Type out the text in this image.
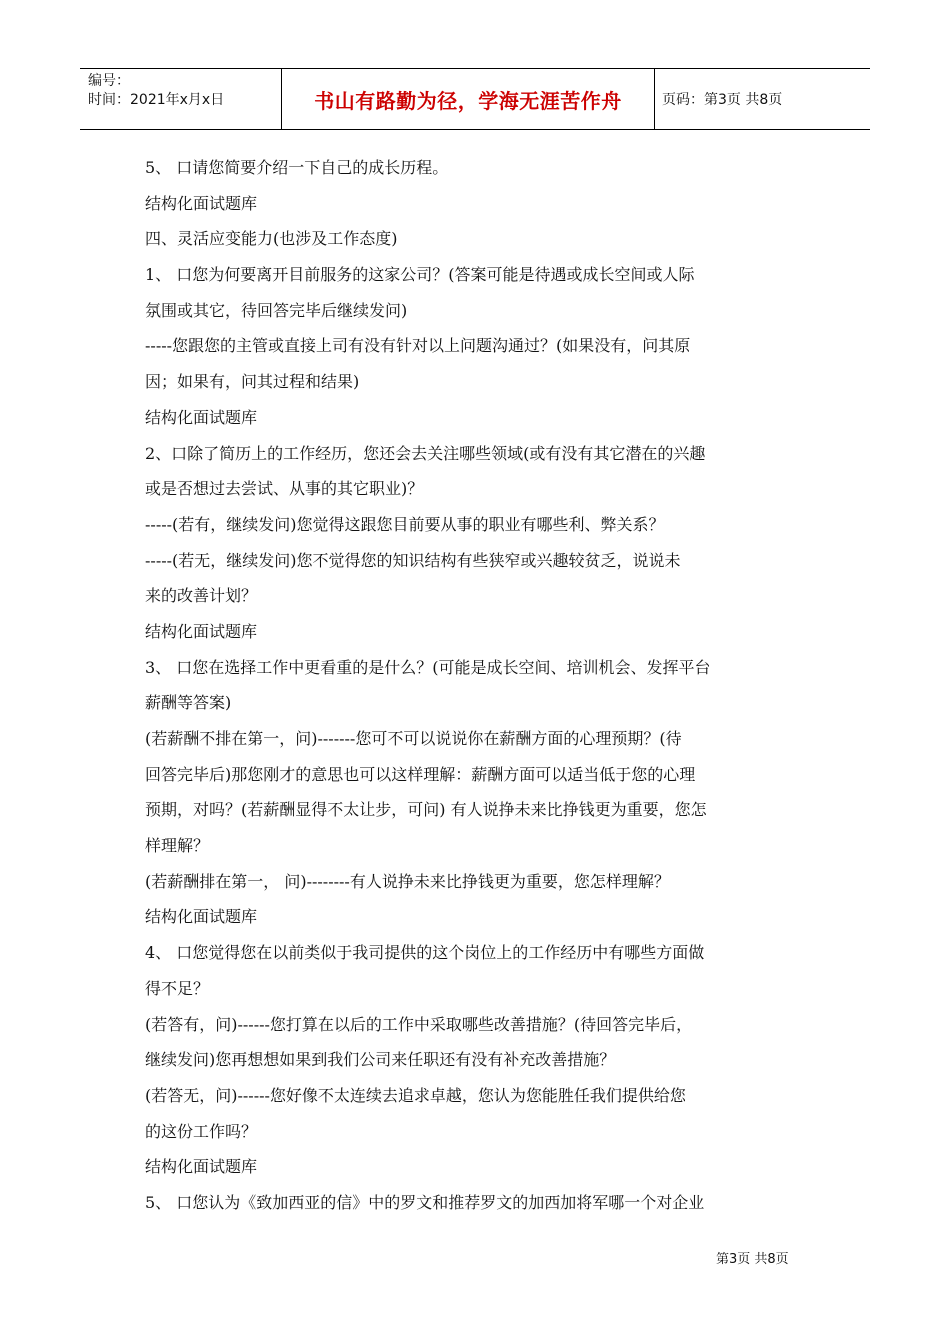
编号：
时间：2021年x月x日	书山有路勤为径，学海无涯苦作舟	页码：第3页 共8页
5、 口请您简要介绍一下自己的成长历程。
结构化面试题库
四、灵活应变能力(也涉及工作态度)
1、 口您为何要离开目前服务的这家公司？(答案可能是待遇或成长空间或人际
氛围或其它，待回答完毕后继续发问)
-----您跟您的主管或直接上司有没有针对以上问题沟通过？(如果没有，问其原
因；如果有，问其过程和结果)
结构化面试题库
2、口除了简历上的工作经历，您还会去关注哪些领域(或有没有其它潜在的兴趣
或是否想过去尝试、从事的其它职业)？
-----(若有，继续发问)您觉得这跟您目前要从事的职业有哪些利、弊关系？
-----(若无，继续发问)您不觉得您的知识结构有些狭窄或兴趣较贫乏，说说未
来的改善计划？
结构化面试题库
3、 口您在选择工作中更看重的是什么？(可能是成长空间、培训机会、发挥平台
薪酬等答案)
(若薪酬不排在第一，问)-------您可不可以说说你在薪酬方面的心理预期？(待
回答完毕后)那您刚才的意思也可以这样理解：薪酬方面可以适当低于您的心理
预期，对吗？(若薪酬显得不太让步，可问) 有人说挣未来比挣钱更为重要，您怎
样理解？
(若薪酬排在第一， 问)--------有人说挣未来比挣钱更为重要，您怎样理解？
结构化面试题库
4、 口您觉得您在以前类似于我司提供的这个岗位上的工作经历中有哪些方面做
得不足？
(若答有，问)------您打算在以后的工作中采取哪些改善措施？(待回答完毕后，
继续发问)您再想想如果到我们公司来任职还有没有补充改善措施？
(若答无，问)------您好像不太连续去追求卓越，您认为您能胜任我们提供给您
的这份工作吗？
结构化面试题库
5、 口您认为《致加西亚的信》中的罗文和推荐罗文的加西加将军哪一个对企业
第3页 共8页
